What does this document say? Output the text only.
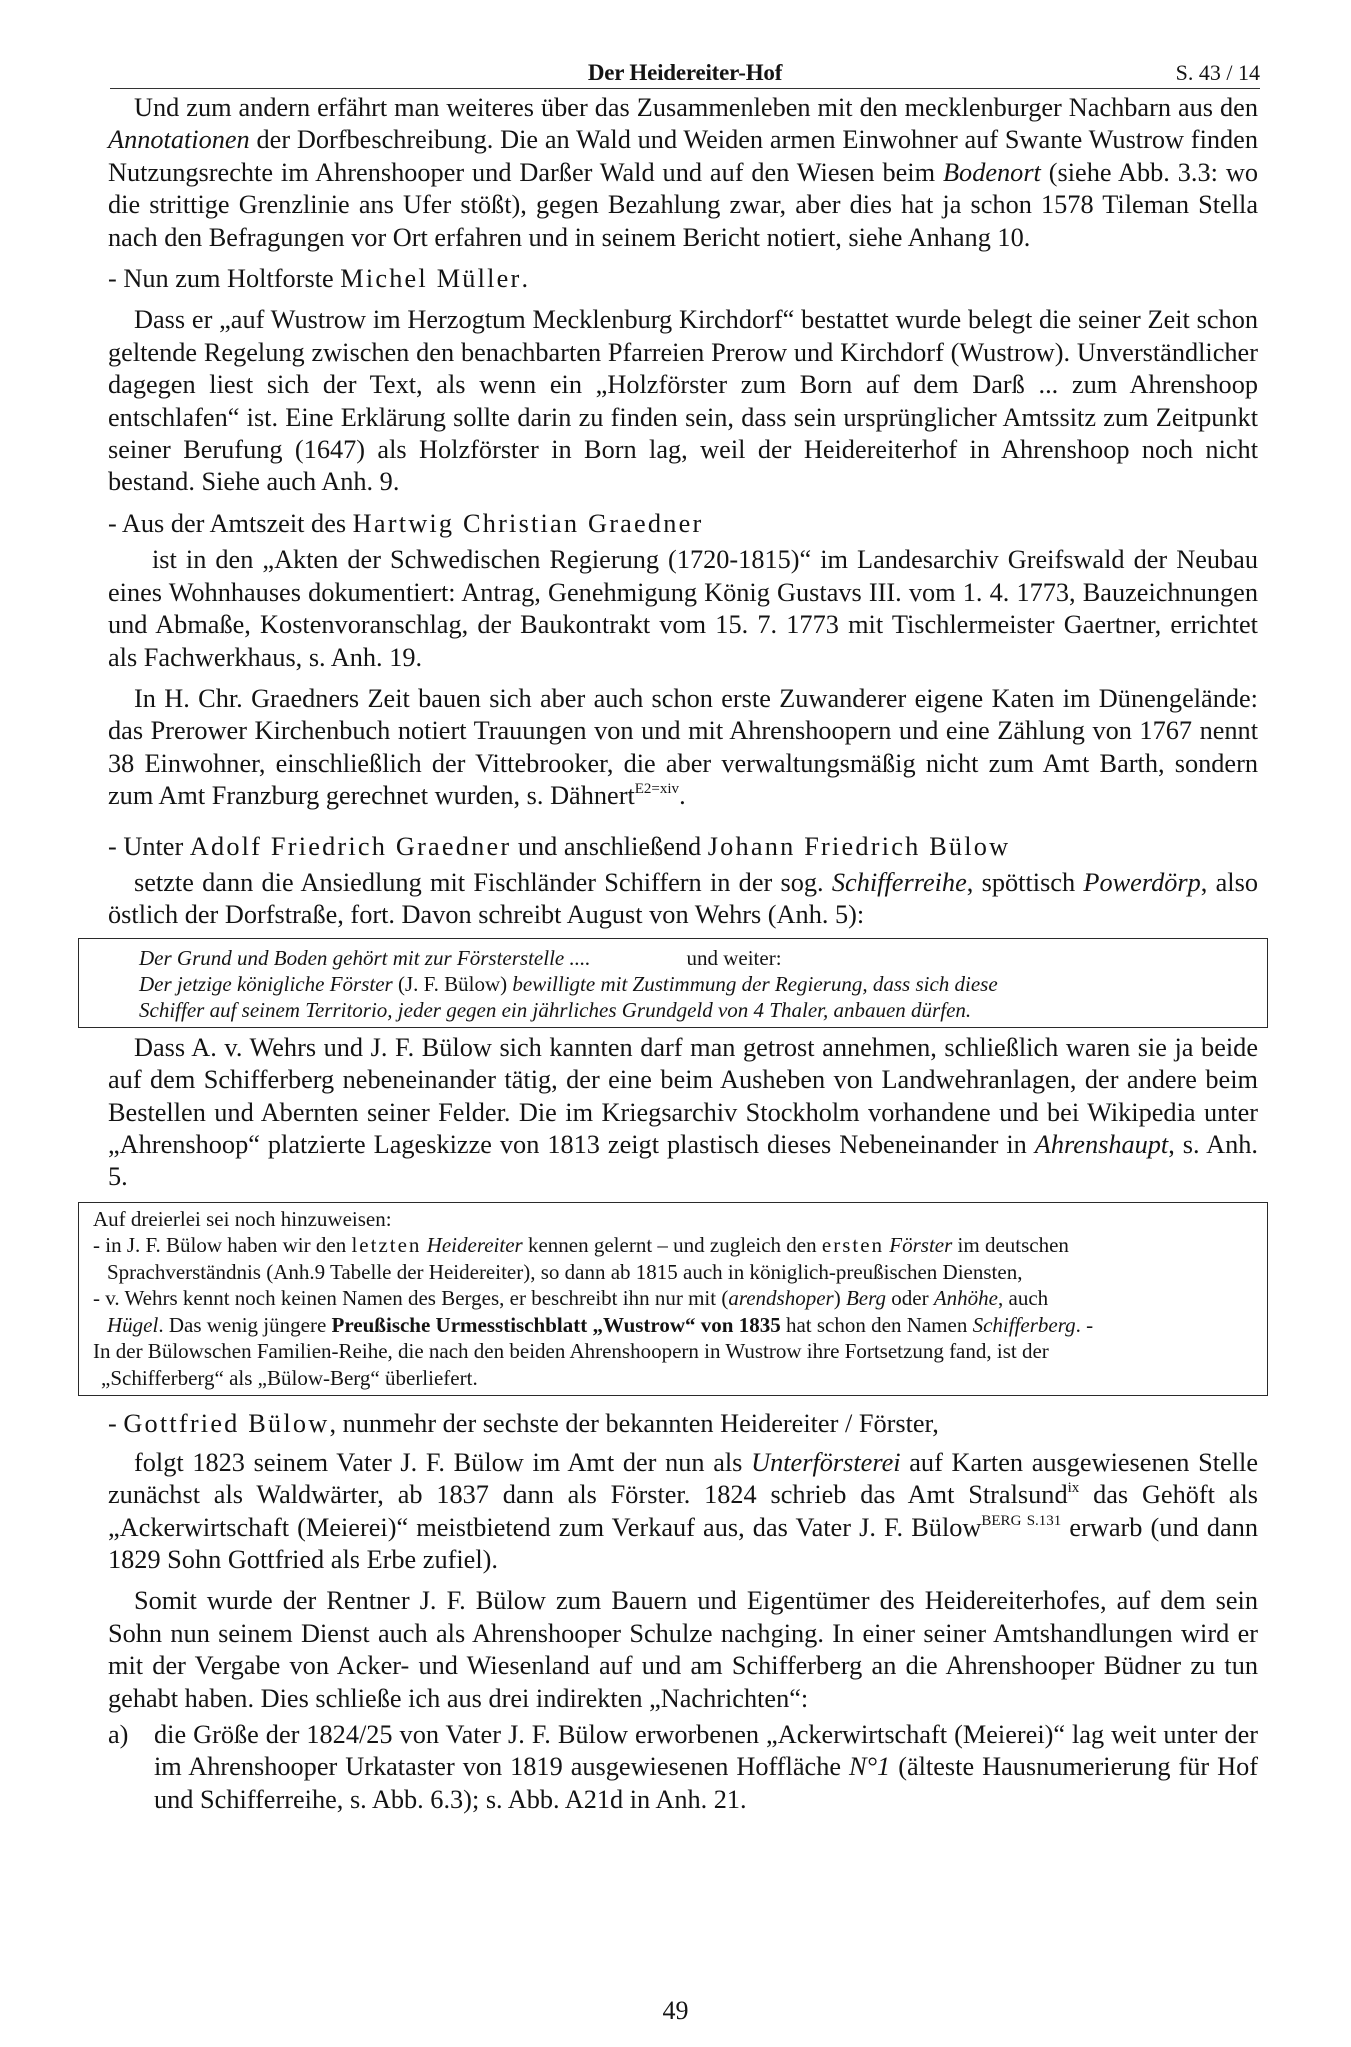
Der Heidereiter-Hof	S. 43 / 14

Und zum andern erfährt man weiteres über das Zusammenleben mit den mecklenburger Nachbarn aus den Annotationen der Dorfbeschreibung. Die an Wald und Weiden armen Einwohner auf Swante Wustrow finden Nutzungsrechte im Ahrenshooper und Darßer Wald und auf den Wiesen beim Bodenort (siehe Abb. 3.3: wo die strittige Grenzlinie ans Ufer stößt), gegen Bezahlung zwar, aber dies hat ja schon 1578 Tileman Stella nach den Befragungen vor Ort erfahren und in seinem Bericht notiert, siehe Anhang 10.

- Nun zum Holtforste Michel Müller.

Dass er „auf Wustrow im Herzogtum Mecklenburg Kirchdorf“ bestattet wurde belegt die seiner Zeit schon geltende Regelung zwischen den benachbarten Pfarreien Prerow und Kirchdorf (Wustrow). Unverständlicher dagegen liest sich der Text, als wenn ein „Holzförster zum Born auf dem Darß ... zum Ahrenshoop entschlafen“ ist. Eine Erklärung sollte darin zu finden sein, dass sein ursprünglicher Amtssitz zum Zeitpunkt seiner Berufung (1647) als Holzförster in Born lag, weil der Heidereiterhof in Ahrenshoop noch nicht bestand. Siehe auch Anh. 9.

- Aus der Amtszeit des Hartwig Christian Graedner

ist in den „Akten der Schwedischen Regierung (1720-1815)“ im Landesarchiv Greifswald der Neubau eines Wohnhauses dokumentiert: Antrag, Genehmigung König Gustavs III. vom 1. 4. 1773, Bauzeichnungen und Abmaße, Kostenvoranschlag, der Baukontrakt vom 15. 7. 1773 mit Tischlermeister Gaertner, errichtet als Fachwerkhaus, s. Anh. 19.

In H. Chr. Graedners Zeit bauen sich aber auch schon erste Zuwanderer eigene Katen im Dünengelände: das Prerower Kirchenbuch notiert Trauungen von und mit Ahrenshoopern und eine Zählung von 1767 nennt 38 Einwohner, einschließlich der Vittebrooker, die aber verwaltungsmäßig nicht zum Amt Barth, sondern zum Amt Franzburg gerechnet wurden, s. Dähnert$^{E2=xiv}$.

- Unter Adolf Friedrich Graedner und anschließend Johann Friedrich Bülow

setzte dann die Ansiedlung mit Fischländer Schiffern in der sog. Schifferreihe, spöttisch Powerdörp, also östlich der Dorfstraße, fort. Davon schreibt August von Wehrs (Anh. 5):

Der Grund und Boden gehört mit zur Försterstelle ....	und weiter:

Der jetzige königliche Förster (J. F. Bülow) bewilligte mit Zustimmung der Regierung, dass sich diese

Schiffer auf seinem Territorio, jeder gegen ein jährliches Grundgeld von 4 Thaler, anbauen dürfen.

Dass A. v. Wehrs und J. F. Bülow sich kannten darf man getrost annehmen, schließlich waren sie ja beide auf dem Schifferberg nebeneinander tätig, der eine beim Ausheben von Landwehranlagen, der andere beim Bestellen und Abernten seiner Felder. Die im Kriegsarchiv Stockholm vorhandene und bei Wikipedia unter „Ahrenshoop“ platzierte Lageskizze von 1813 zeigt plastisch dieses Nebeneinander in Ahrenshaupt, s. Anh. 5.

Auf dreierlei sei noch hinzuweisen:

- in J. F. Bülow haben wir den letzten Heidereiter kennen gelernt – und zugleich den ersten Förster im deutschen

Sprachverständnis (Anh.9 Tabelle der Heidereiter), so dann ab 1815 auch in königlich-preußischen Diensten,

- v. Wehrs kennt noch keinen Namen des Berges, er beschreibt ihn nur mit (arendshoper) Berg oder Anhöhe, auch

Hügel. Das wenig jüngere Preußische Urmesstischblatt „Wustrow“ von 1835 hat schon den Namen Schifferberg. -

In der Bülowschen Familien-Reihe, die nach den beiden Ahrenshoopern in Wustrow ihre Fortsetzung fand, ist der

„Schifferberg“ als „Bülow-Berg“ überliefert.

- Gottfried Bülow, nunmehr der sechste der bekannten Heidereiter / Förster,

folgt 1823 seinem Vater J. F. Bülow im Amt der nun als Unterförsterei auf Karten ausgewiesenen Stelle zunächst als Waldwärter, ab 1837 dann als Förster. 1824 schrieb das Amt Stralsund$^{ix}$ das Gehöft als „Ackerwirtschaft (Meierei)“ meistbietend zum Verkauf aus, das Vater J. F. Bülow$^{BERG S.131}$ erwarb (und dann 1829 Sohn Gottfried als Erbe zufiel).

Somit wurde der Rentner J. F. Bülow zum Bauern und Eigentümer des Heidereiterhofes, auf dem sein Sohn nun seinem Dienst auch als Ahrenshooper Schulze nachging. In einer seiner Amtshandlungen wird er mit der Vergabe von Acker- und Wiesenland auf und am Schifferberg an die Ahrenshooper Büdner zu tun gehabt haben. Dies schließe ich aus drei indirekten „Nachrichten“:

a) die Größe der 1824/25 von Vater J. F. Bülow erworbenen „Ackerwirtschaft (Meierei)“ lag weit unter der im Ahrenshooper Urkataster von 1819 ausgewiesenen Hoffläche N°1 (älteste Hausnumerierung für Hof und Schifferreihe, s. Abb. 6.3); s. Abb. A21d in Anh. 21.

49
